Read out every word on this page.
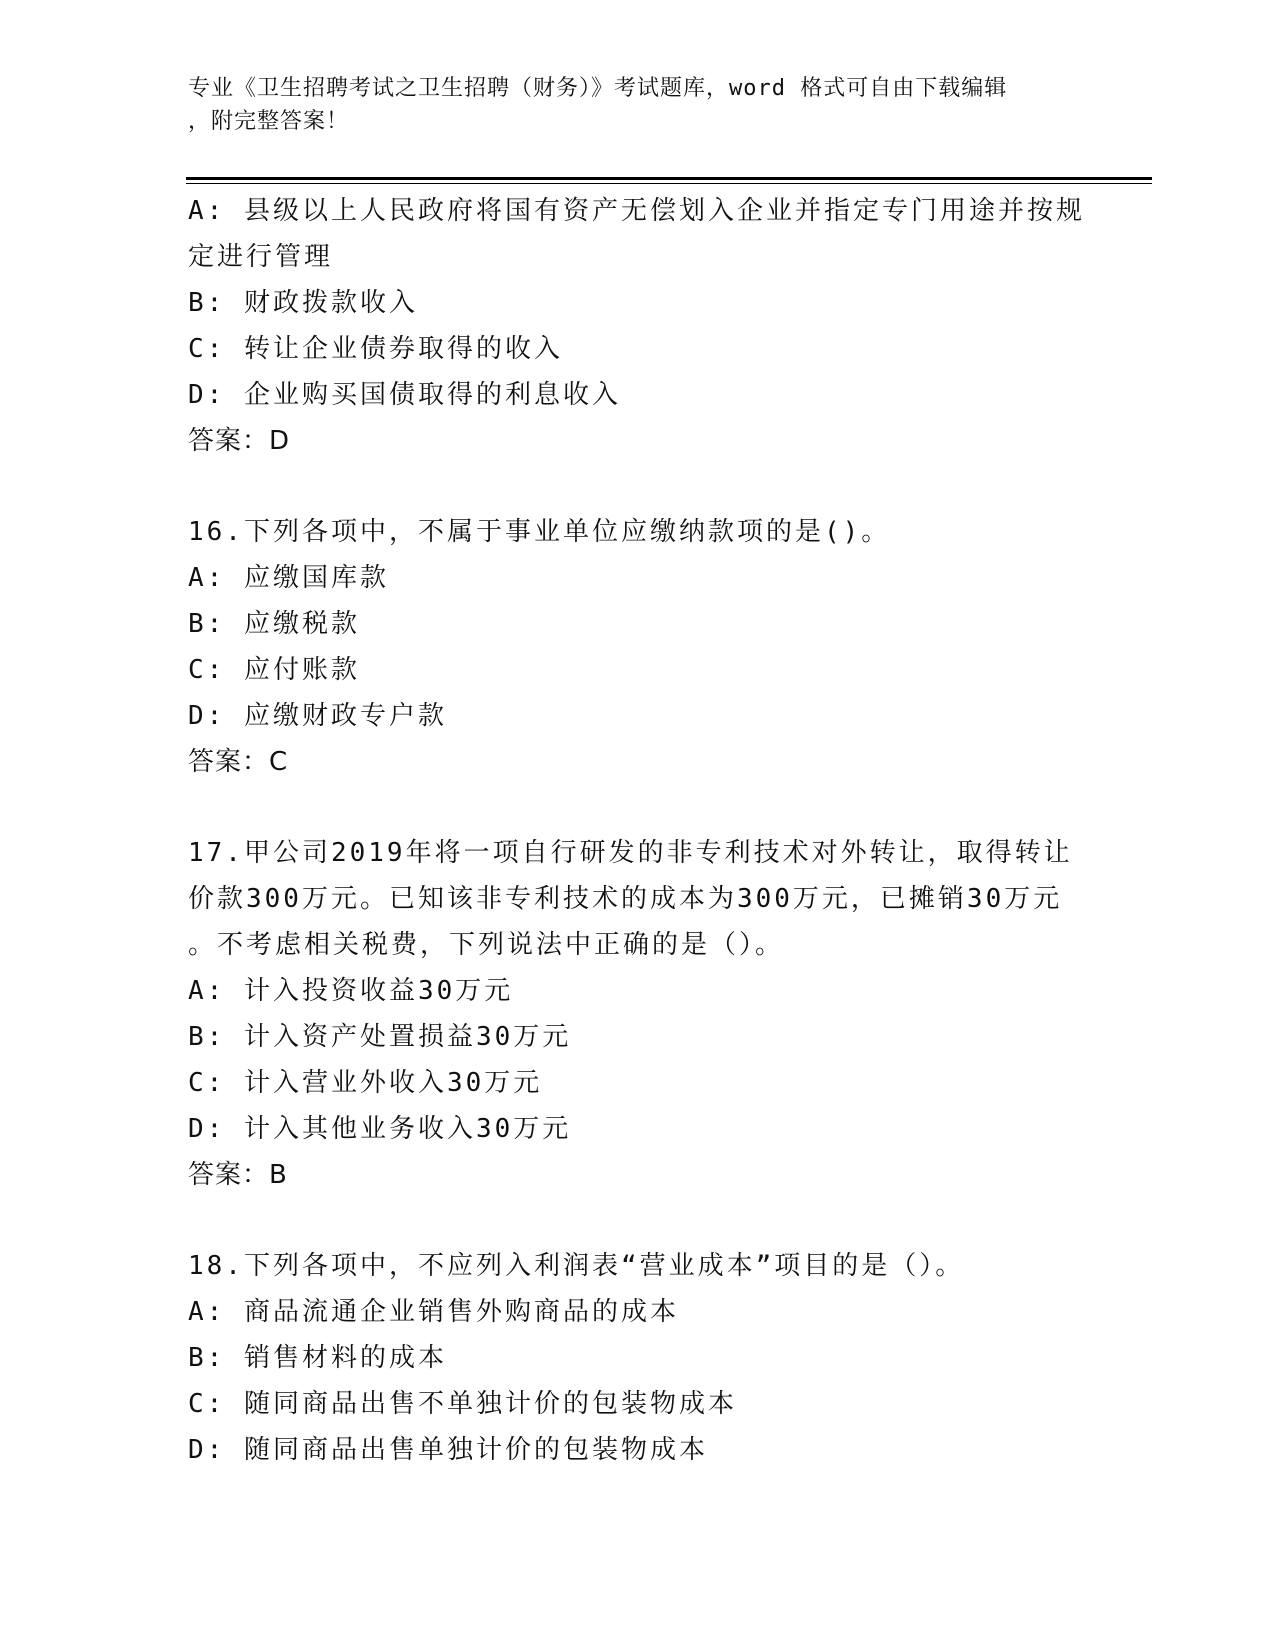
专业《卫生招聘考试之卫生招聘（财务）》考试题库，word 格式可自由下载编辑
，附完整答案！
A: 县级以上人民政府将国有资产无偿划入企业并指定专门用途并按规
定进行管理
B: 财政拨款收入
C: 转让企业债券取得的收入
D: 企业购买国债取得的利息收入
答案：D
16.下列各项中，不属于事业单位应缴纳款项的是()。
A: 应缴国库款
B: 应缴税款
C: 应付账款
D: 应缴财政专户款
答案：C
17.甲公司2019年将一项自行研发的非专利技术对外转让，取得转让
价款300万元。已知该非专利技术的成本为300万元，已摊销30万元
。不考虑相关税费，下列说法中正确的是（）。
A: 计入投资收益30万元
B: 计入资产处置损益30万元
C: 计入营业外收入30万元
D: 计入其他业务收入30万元
答案：B
18.下列各项中，不应列入利润表“营业成本”项目的是（）。
A: 商品流通企业销售外购商品的成本
B: 销售材料的成本
C: 随同商品出售不单独计价的包装物成本
D: 随同商品出售单独计价的包装物成本
